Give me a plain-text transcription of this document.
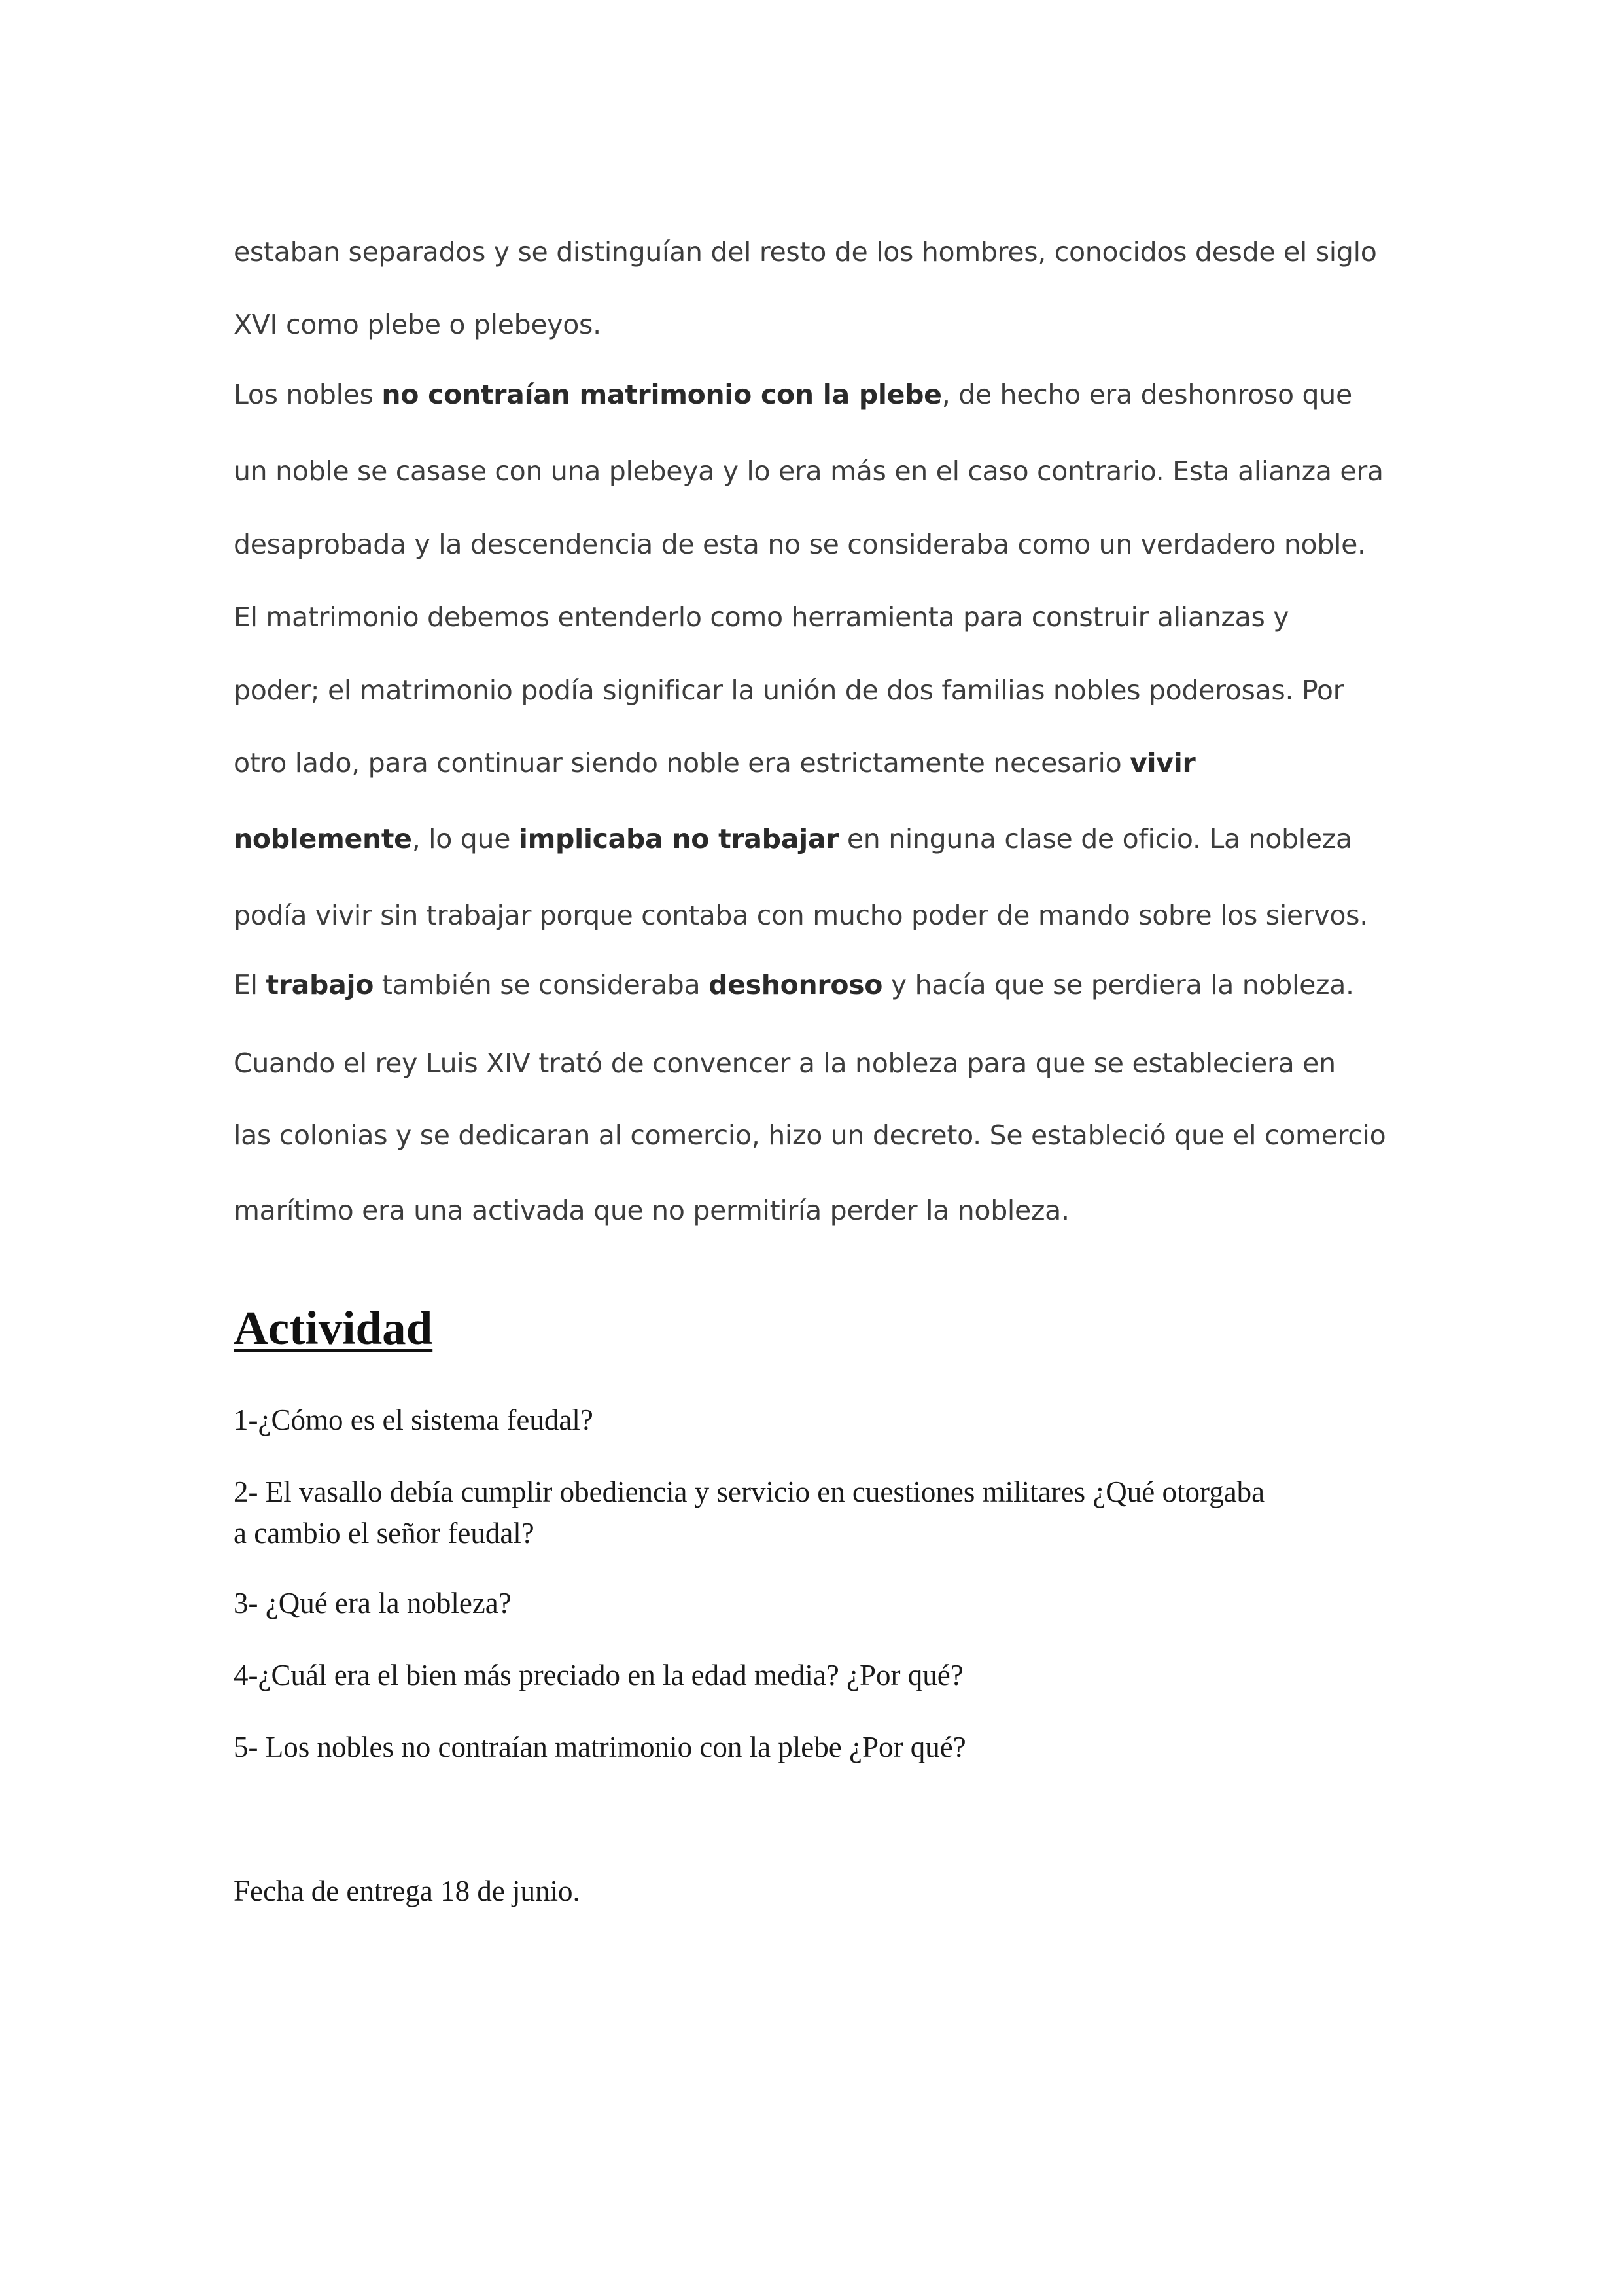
estaban separados y se distinguían del resto de los hombres, conocidos desde el siglo

XVI como plebe o plebeyos.

Los nobles no contraían matrimonio con la plebe, de hecho era deshonroso que

un noble se casase con una plebeya y lo era más en el caso contrario. Esta alianza era

desaprobada y la descendencia de esta no se consideraba como un verdadero noble.

El matrimonio debemos entenderlo como herramienta para construir alianzas y

poder; el matrimonio podía significar la unión de dos familias nobles poderosas. Por

otro lado, para continuar siendo noble era estrictamente necesario vivir

noblemente, lo que implicaba no trabajar en ninguna clase de oficio. La nobleza

podía vivir sin trabajar porque contaba con mucho poder de mando sobre los siervos.

El trabajo también se consideraba deshonroso y hacía que se perdiera la nobleza.

Cuando el rey Luis XIV trató de convencer a la nobleza para que se estableciera en

las colonias y se dedicaran al comercio, hizo un decreto. Se estableció que el comercio

marítimo era una activada que no permitiría perder la nobleza.

Actividad

1-¿Cómo es el sistema feudal?

2- El vasallo debía cumplir obediencia y servicio en cuestiones militares ¿Qué otorgaba

a cambio el señor feudal?

3- ¿Qué era la nobleza?

4-¿Cuál era el bien más preciado en la edad media? ¿Por qué?

5- Los nobles no contraían matrimonio con la plebe ¿Por qué?

Fecha de entrega 18 de junio.
